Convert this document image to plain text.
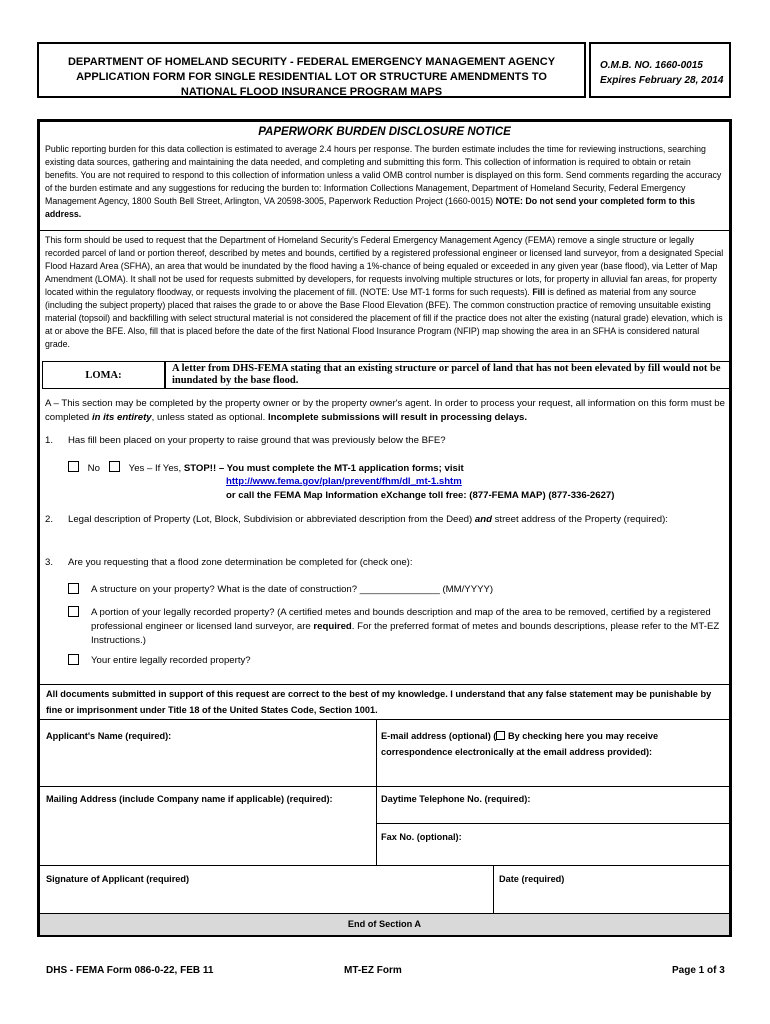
DEPARTMENT OF HOMELAND SECURITY - FEDERAL EMERGENCY MANAGEMENT AGENCY
APPLICATION FORM FOR SINGLE RESIDENTIAL LOT OR STRUCTURE AMENDMENTS TO
NATIONAL FLOOD INSURANCE PROGRAM MAPS
O.M.B. NO. 1660-0015
Expires February 28, 2014
PAPERWORK BURDEN DISCLOSURE NOTICE
Public reporting burden for this data collection is estimated to average 2.4 hours per response. The burden estimate includes the time for reviewing instructions, searching existing data sources, gathering and maintaining the data needed, and completing and submitting this form. This collection of information is required to obtain or retain benefits. You are not required to respond to this collection of information unless a valid OMB control number is displayed on this form. Send comments regarding the accuracy of the burden estimate and any suggestions for reducing the burden to: Information Collections Management, Department of Homeland Security, Federal Emergency Management Agency, 1800 South Bell Street, Arlington, VA 20598-3005, Paperwork Reduction Project (1660-0015) NOTE: Do not send your completed form to this address.
This form should be used to request that the Department of Homeland Security's Federal Emergency Management Agency (FEMA) remove a single structure or legally recorded parcel of land or portion thereof, described by metes and bounds, certified by a registered professional engineer or licensed land surveyor, from a designated Special Flood Hazard Area (SFHA), an area that would be inundated by the flood having a 1%-chance of being equaled or exceeded in any given year (base flood), via Letter of Map Amendment (LOMA). It shall not be used for requests submitted by developers, for requests involving multiple structures or lots, for property in alluvial fan areas, for property located within the regulatory floodway, or requests involving the placement of fill. (NOTE: Use MT-1 forms for such requests). Fill is defined as material from any source (including the subject property) placed that raises the grade to or above the Base Flood Elevation (BFE). The common construction practice of removing unsuitable existing material (topsoil) and backfilling with select structural material is not considered the placement of fill if the practice does not alter the existing (natural grade) elevation, which is at or above the BFE. Also, fill that is placed before the date of the first National Flood Insurance Program (NFIP) map showing the area in an SFHA is considered natural grade.
LOMA:
A letter from DHS-FEMA stating that an existing structure or parcel of land that has not been elevated by fill would not be inundated by the base flood.
A – This section may be completed by the property owner or by the property owner's agent. In order to process your request, all information on this form must be completed in its entirety, unless stated as optional. Incomplete submissions will result in processing delays.
1. Has fill been placed on your property to raise ground that was previously below the BFE?
No	Yes – If Yes, STOP!! – You must complete the MT-1 application forms; visit
http://www.fema.gov/plan/prevent/fhm/dl_mt-1.shtm
or call the FEMA Map Information eXchange toll free: (877-FEMA MAP) (877-336-2627)
2. Legal description of Property (Lot, Block, Subdivision or abbreviated description from the Deed) and street address of the Property (required):
3. Are you requesting that a flood zone determination be completed for (check one):
A structure on your property? What is the date of construction? _______________ (MM/YYYY)
A portion of your legally recorded property? (A certified metes and bounds description and map of the area to be removed, certified by a registered professional engineer or licensed land surveyor, are required. For the preferred format of metes and bounds descriptions, please refer to the MT-EZ Instructions.)
Your entire legally recorded property?
All documents submitted in support of this request are correct to the best of my knowledge. I understand that any false statement may be punishable by fine or imprisonment under Title 18 of the United States Code, Section 1001.
Applicant's Name (required):	E-mail address (optional) ( By checking here you may receive correspondence electronically at the email address provided):
Mailing Address (include Company name if applicable) (required):	Daytime Telephone No. (required):
Fax No. (optional):
Signature of Applicant (required)	Date (required)
End of Section A
DHS - FEMA Form 086-0-22, FEB 11	MT-EZ Form	Page 1 of 3
